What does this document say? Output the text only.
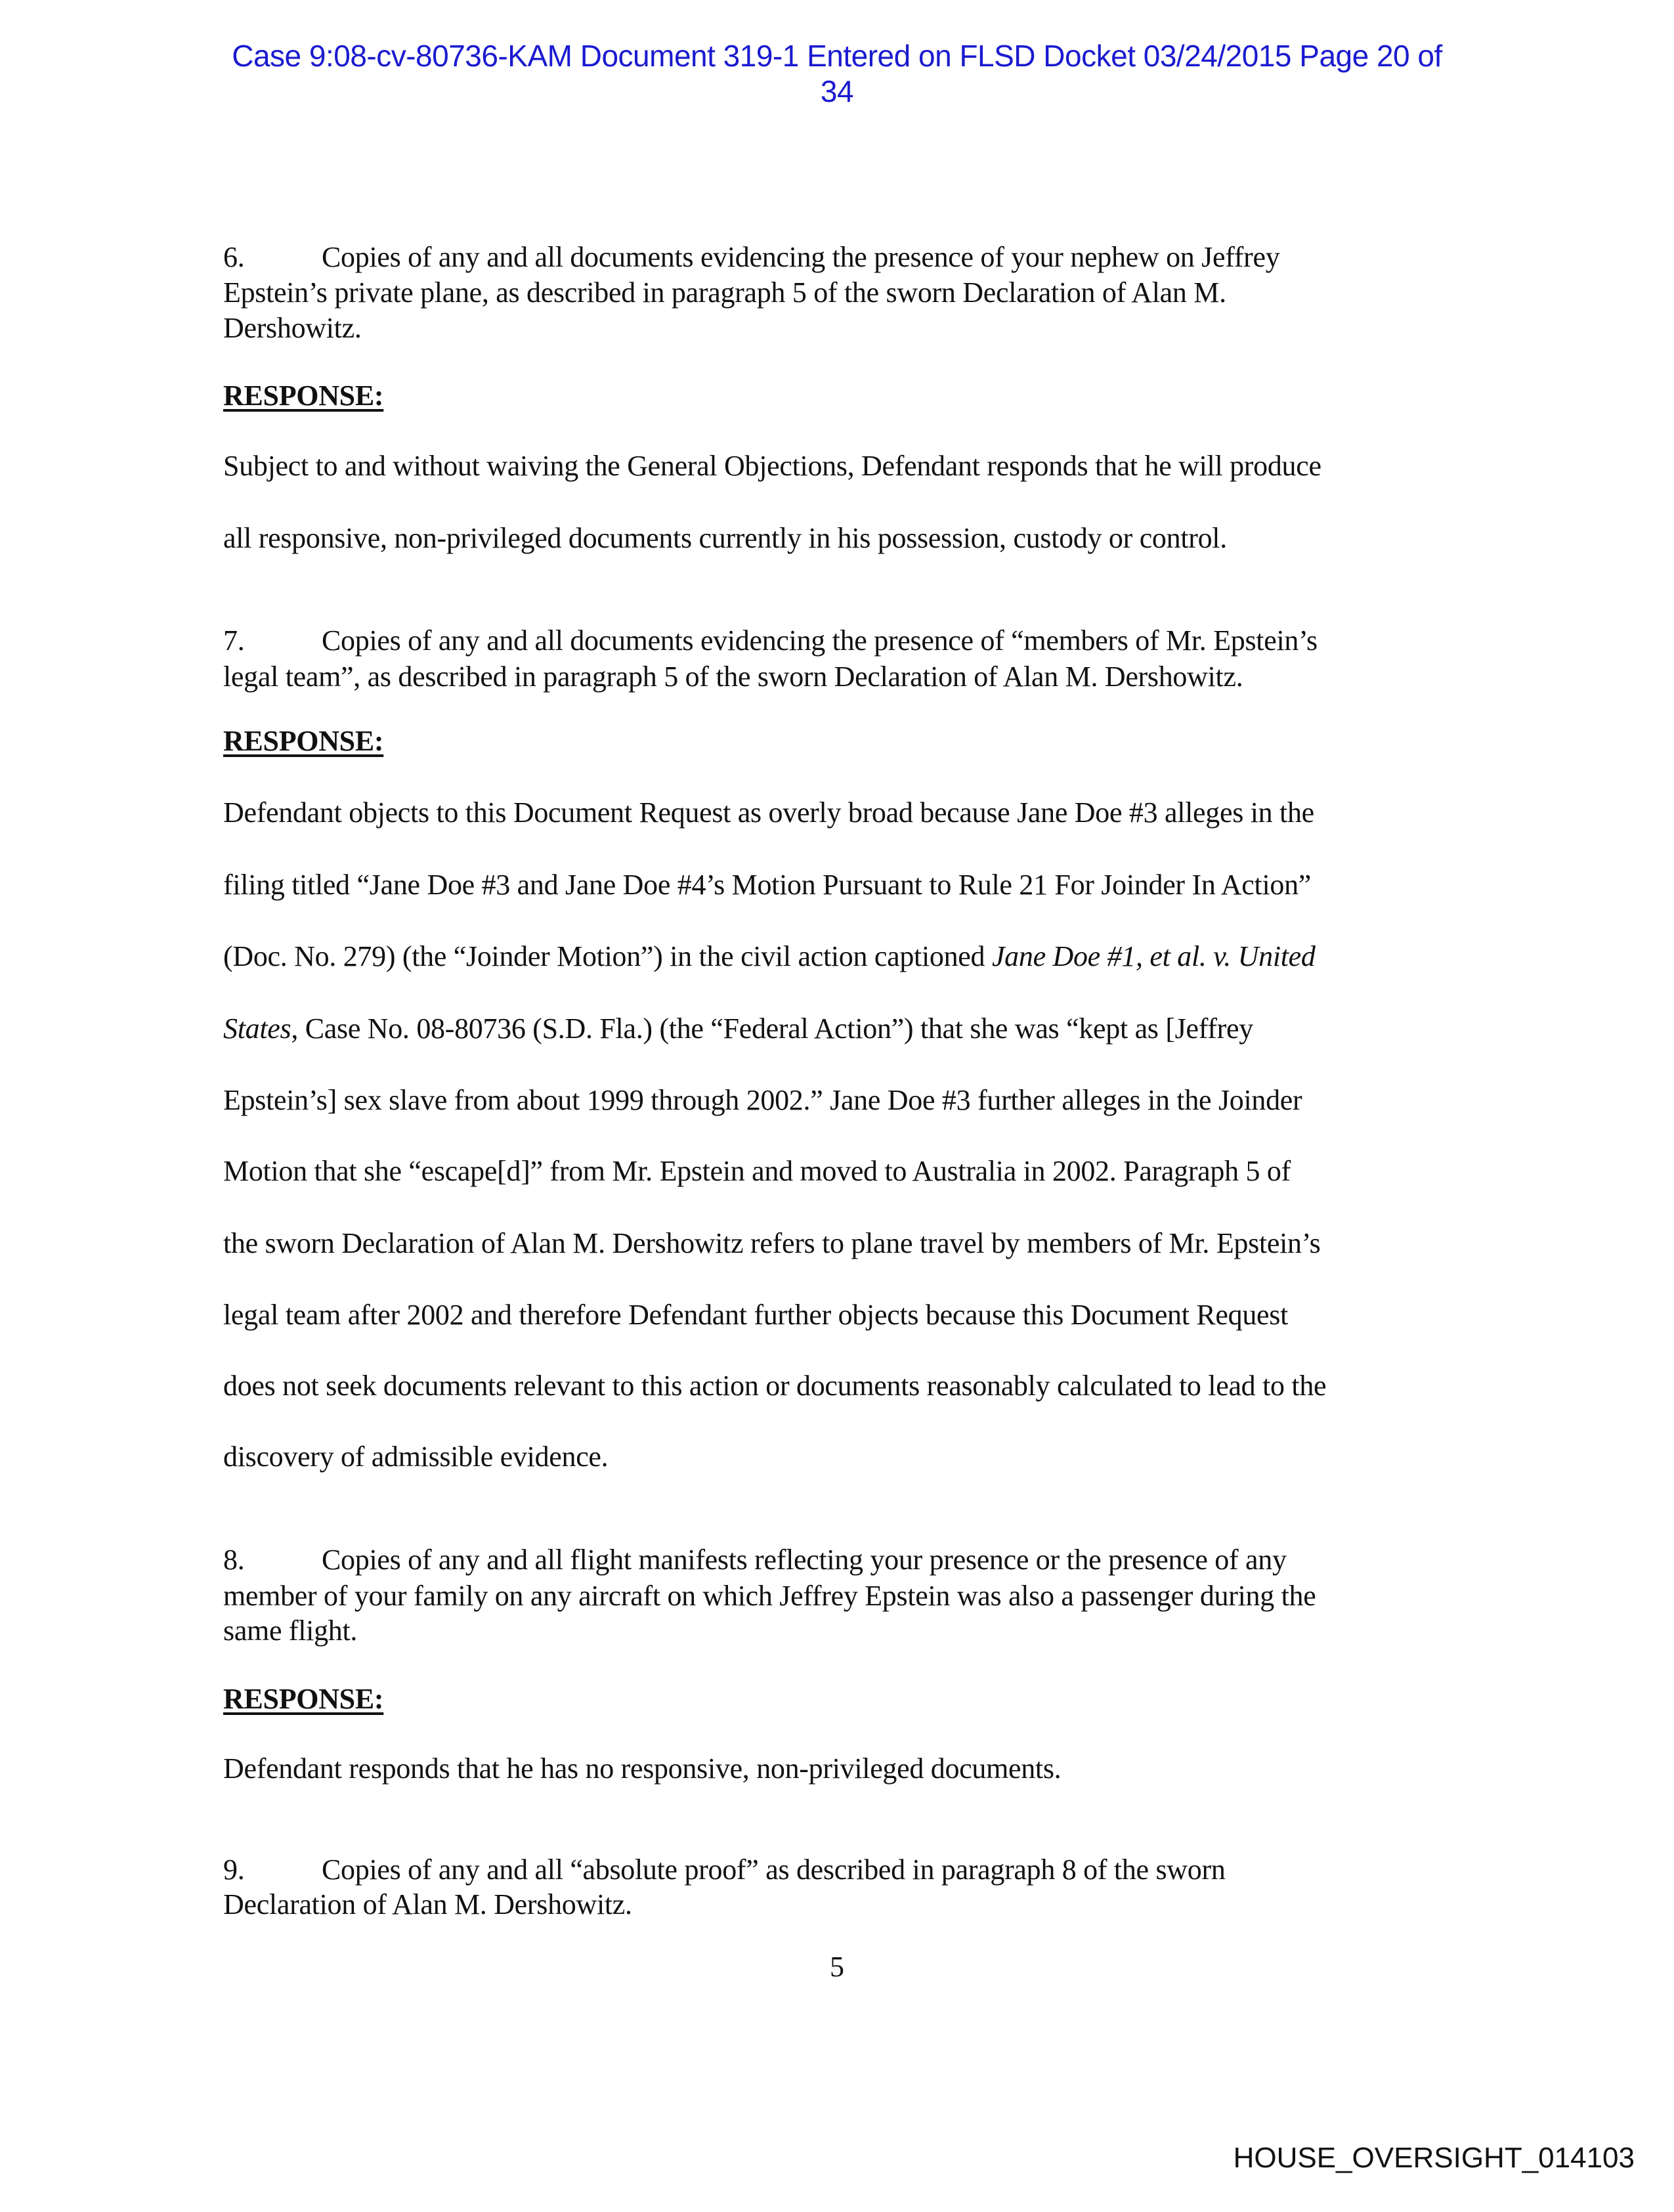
Case 9:08-cv-80736-KAM Document 319-1 Entered on FLSD Docket 03/24/2015 Page 20 of
34
6.	Copies of any and all documents evidencing the presence of your nephew on Jeffrey
Epstein’s private plane, as described in paragraph 5 of the sworn Declaration of Alan M.
Dershowitz.
RESPONSE:
Subject to and without waiving the General Objections, Defendant responds that he will produce
all responsive, non-privileged documents currently in his possession, custody or control.
7.	Copies of any and all documents evidencing the presence of “members of Mr. Epstein’s
legal team”, as described in paragraph 5 of the sworn Declaration of Alan M. Dershowitz.
RESPONSE:
Defendant objects to this Document Request as overly broad because Jane Doe #3 alleges in the
filing titled “Jane Doe #3 and Jane Doe #4’s Motion Pursuant to Rule 21 For Joinder In Action”
(Doc. No. 279) (the “Joinder Motion”) in the civil action captioned Jane Doe #1, et al. v. United
States, Case No. 08-80736 (S.D. Fla.) (the “Federal Action”) that she was “kept as [Jeffrey
Epstein’s] sex slave from about 1999 through 2002.” Jane Doe #3 further alleges in the Joinder
Motion that she “escape[d]” from Mr. Epstein and moved to Australia in 2002. Paragraph 5 of
the sworn Declaration of Alan M. Dershowitz refers to plane travel by members of Mr. Epstein’s
legal team after 2002 and therefore Defendant further objects because this Document Request
does not seek documents relevant to this action or documents reasonably calculated to lead to the
discovery of admissible evidence.
8.	Copies of any and all flight manifests reflecting your presence or the presence of any
member of your family on any aircraft on which Jeffrey Epstein was also a passenger during the
same flight.
RESPONSE:
Defendant responds that he has no responsive, non-privileged documents.
9.	Copies of any and all “absolute proof” as described in paragraph 8 of the sworn
Declaration of Alan M. Dershowitz.
5
HOUSE_OVERSIGHT_014103
